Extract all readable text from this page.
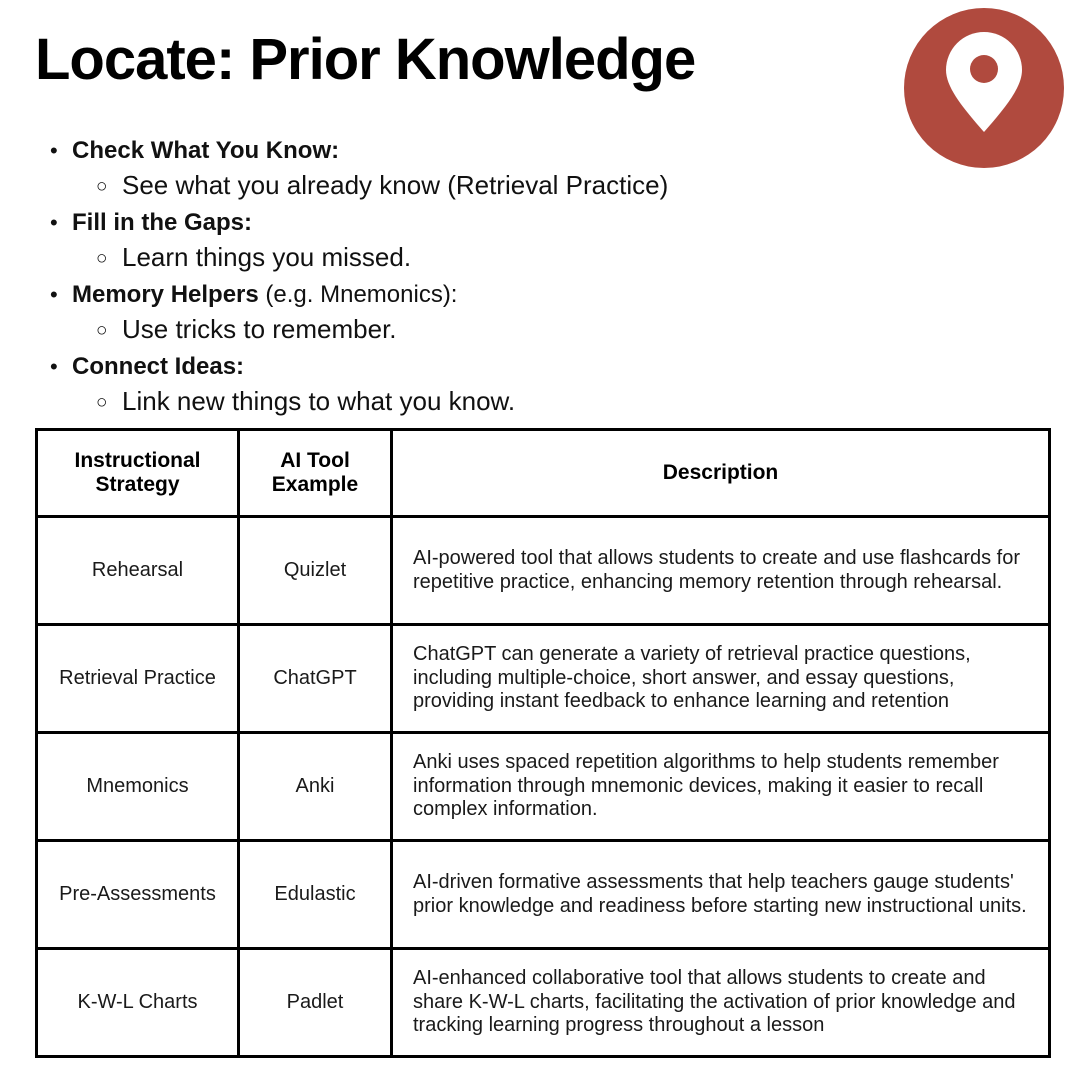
Locate: Prior Knowledge
• Check What You Know:
○ See what you already know (Retrieval Practice)
• Fill in the Gaps:
○ Learn things you missed.
• Memory Helpers (e.g. Mnemonics):
○ Use tricks to remember.
• Connect Ideas:
○ Link new things to what you know.
Instructional Strategy	AI Tool Example	Description
Rehearsal	Quizlet	AI-powered tool that allows students to create and use flashcards for repetitive practice, enhancing memory retention through rehearsal.
Retrieval Practice	ChatGPT	ChatGPT can generate a variety of retrieval practice questions, including multiple-choice, short answer, and essay questions, providing instant feedback to enhance learning and retention
Mnemonics	Anki	Anki uses spaced repetition algorithms to help students remember information through mnemonic devices, making it easier to recall complex information.
Pre-Assessments	Edulastic	AI-driven formative assessments that help teachers gauge students' prior knowledge and readiness before starting new instructional units.
K-W-L Charts	Padlet	AI-enhanced collaborative tool that allows students to create and share K-W-L charts, facilitating the activation of prior knowledge and tracking learning progress throughout a lesson
